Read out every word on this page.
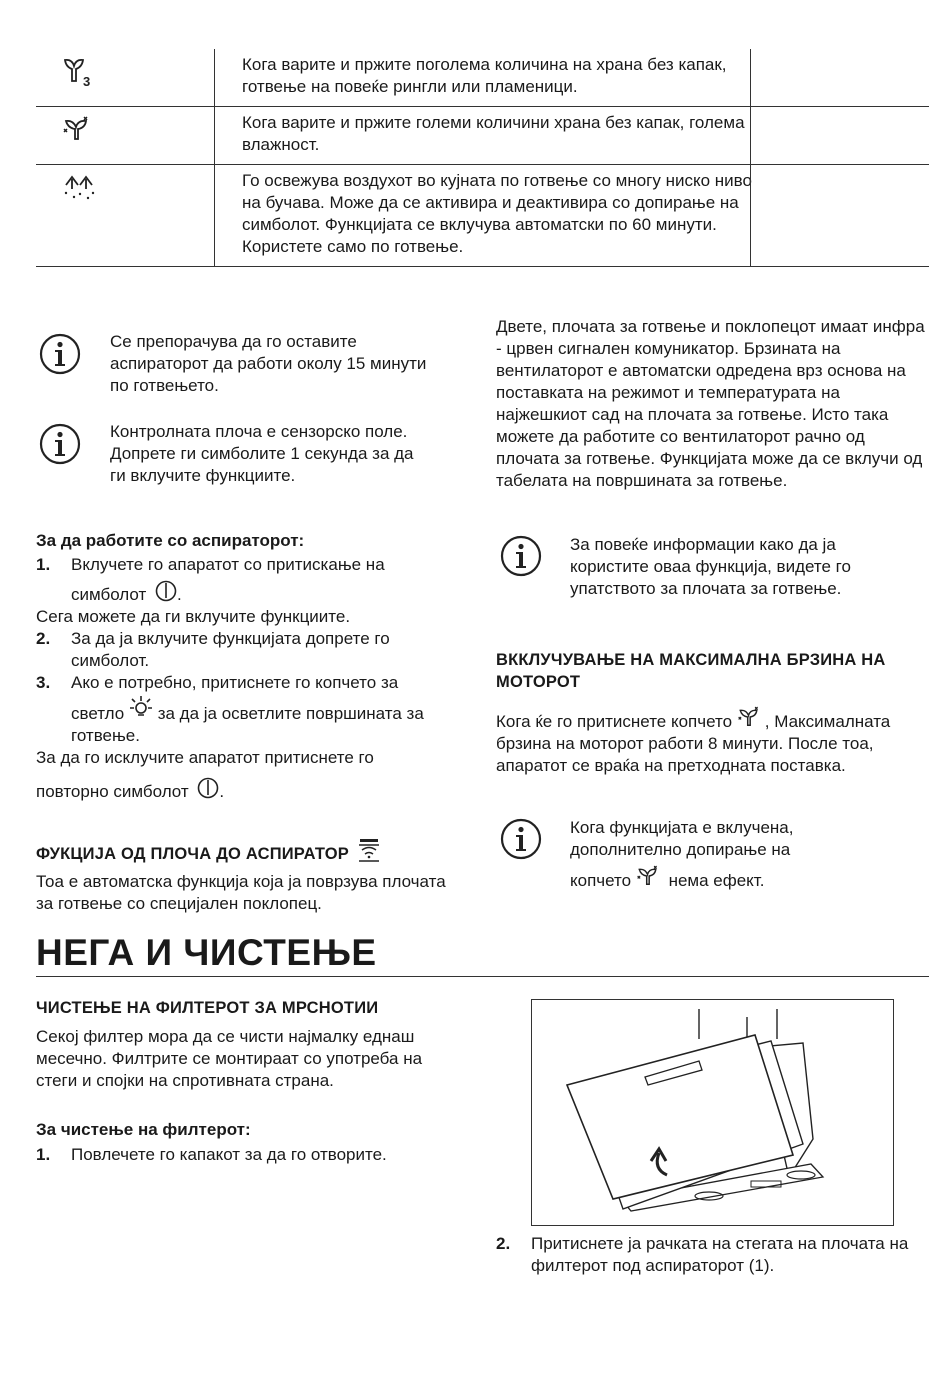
3
Кога варите и пржите поголема количина на храна без капак, готвење на повеќе рингли или пламеници.
Кога варите и пржите големи количини храна без капак, голема влажност.
Го освежува воздухот во кујната по готвење со многу ниско ниво на бучава. Може да се активира и деактивира со допирање на симболот. Функцијата се вклучува автоматски по 60 минути. Користете само по готвење.

Се препорачува да го оставите аспираторот да работи околу 15 минути по готвењето.

Контролната плоча е сензорско поле. Допрете ги симболите 1 секунда за да ги вклучите функциите.

За да работите со аспираторот:

1. Вклучете го апаратот со притискање на
симболот .

Сега можете да ги вклучите функциите.

2. За да ја вклучите функцијата допрете го симболот.
3. Ако е потребно, притиснете го копчето за
светло за да ја осветлите површината за готвење.

За да го исклучите апаратот притиснете го

повторно симболот .

ФУКЦИЈА ОД ПЛОЧА ДО АСПИРАТОР

Тоа е автоматска функција која ја поврзува плочата за готвење со специјален поклопец.

Двете, плочата за готвење и поклопецот имаат инфра - црвен сигнален комуникатор. Брзината на вентилаторот е автоматски одредена врз основа на поставката на режимот и температурата на најжешкиот сад на плочата за готвење. Исто така можете да работите со вентилаторот рачно од плочата за готвење. Функцијата може да се вклучи од табелата на површината за готвење.

За повеќе информации како да ја користите оваа функција, видете го упатството за плочата за готвење.

ВККЛУЧУВАЊЕ НА МАКСИМАЛНА БРЗИНА НА МОТОРОТ
Кога ќе го притиснете копчето , Максималната брзина на моторот работи 8 минути. После тоа, апаратот се враќа на претходната поставка.
Кога функцијата е вклучена, дополнително допирање на
копчето нема ефект.
НЕГА И ЧИСТЕЊЕ
ЧИСТЕЊЕ НА ФИЛТЕРОТ ЗА МРСНОТИИ

Секој филтер мора да се чисти најмалку еднаш месечно. Филтрите се монтираат со употреба на стеги и спојки на спротивната страна.

За чистење на филтерот:

1. Повлечете го капакот за да го отворите.
2. Притиснете ја рачката на стегата на плочата на филтерот под аспираторот (1).
